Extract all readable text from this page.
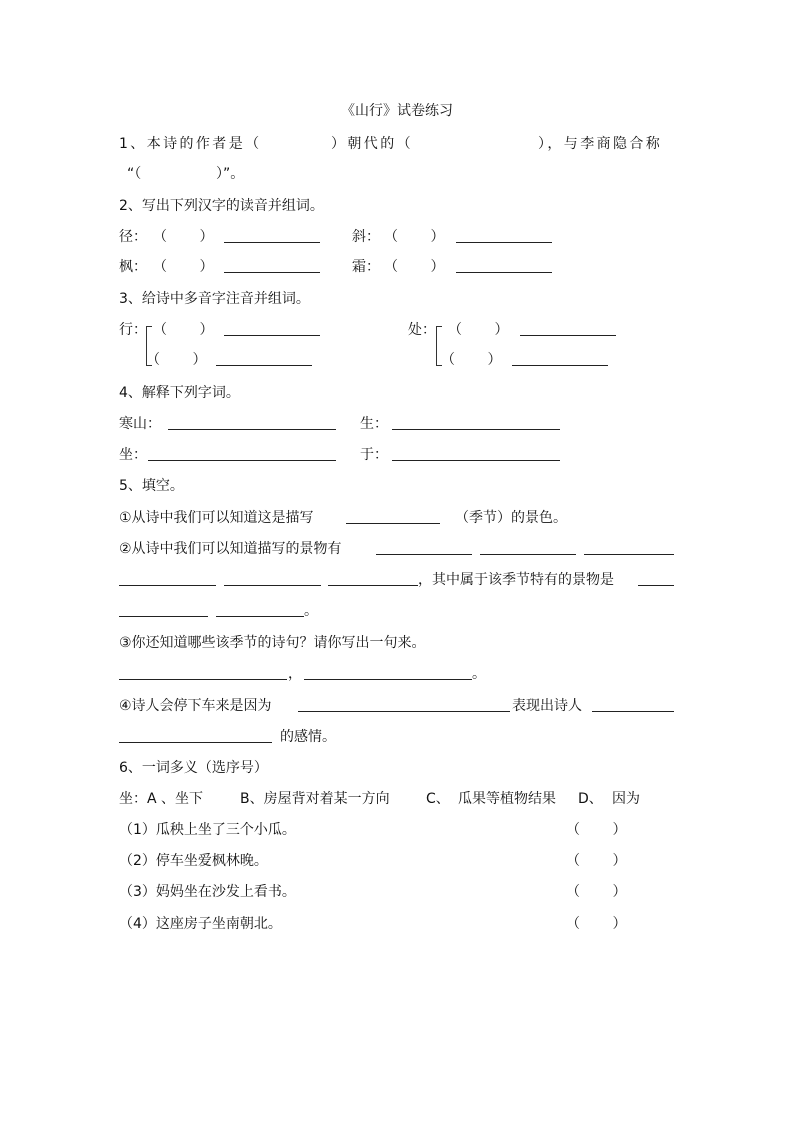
《山行》试卷练习
1、本诗的作者是（	）朝代的（	），与李商隐合称
“（	）”。
2、写出下列汉字的读音并组词。
径： （　　 ）	斜： （　　 ）
枫： （　　 ）	霜： （　　 ）
3、给诗中多音字注音并组词。
行： （　　 ）
（　　 ）
处： （　　 ）
（　　 ）
4、解释下列字词。
寒山：	生：
坐：	于：
5、填空。
①从诗中我们可以知道这是描写	（季节）的景色。
②从诗中我们可以知道描写的景物有
，其中属于该季节特有的景物是
。
③你还知道哪些该季节的诗句？请你写出一句来。
，	。
④诗人会停下车来是因为	表现出诗人
的感情。
6、一词多义（选序号）
坐：A 、坐下	B、房屋背对着某一方向	C、 瓜果等植物结果 D、 因为
（1）瓜秧上坐了三个小瓜。	（　　 ）
（2）停车坐爱枫林晚。	（　　 ）
（3）妈妈坐在沙发上看书。	（　　 ）
（4）这座房子坐南朝北。	（　　 ）
